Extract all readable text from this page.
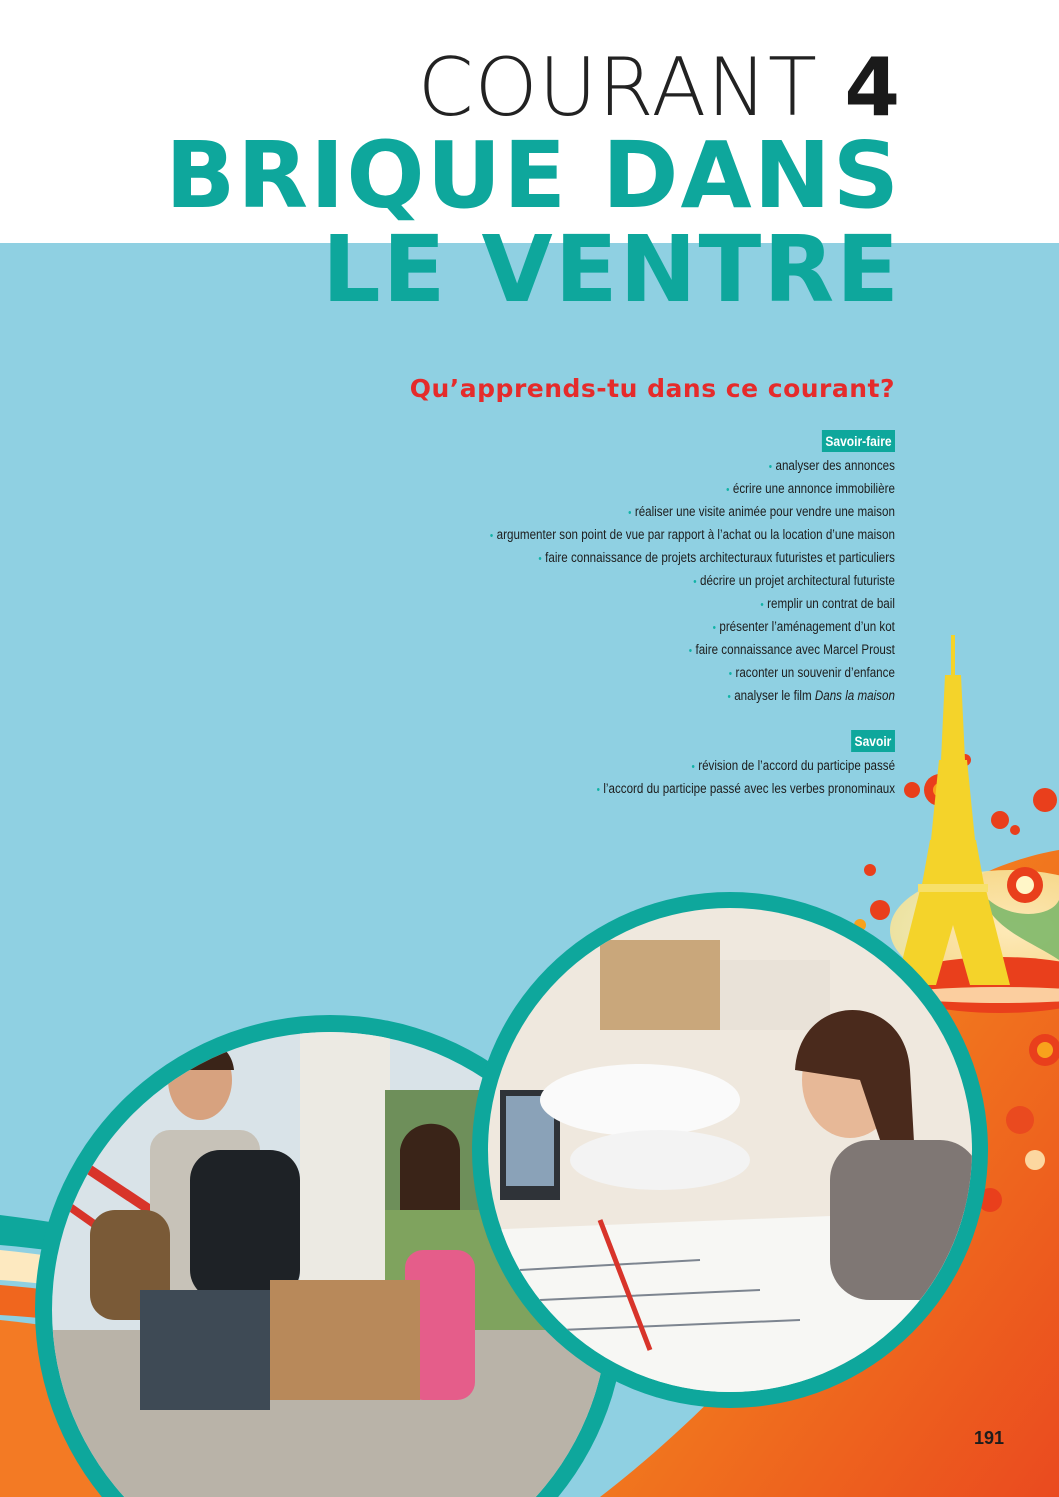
COURANT 4
BRIQUE DANS
LE VENTRE
Qu’apprends-tu dans ce courant?
Savoir-faire
• analyser des annonces
• écrire une annonce immobilière
• réaliser une visite animée pour vendre une maison
• argumenter son point de vue par rapport à l’achat ou la location d’une maison
• faire connaissance de projets architecturaux futuristes et particuliers
• décrire un projet architectural futuriste
• remplir un contrat de bail
• présenter l’aménagement d’un kot
• faire connaissance avec Marcel Proust
• raconter un souvenir d’enfance
• analyser le film Dans la maison
Savoir
• révision de l’accord du participe passé
• l’accord du participe passé avec les verbes pronominaux
191
